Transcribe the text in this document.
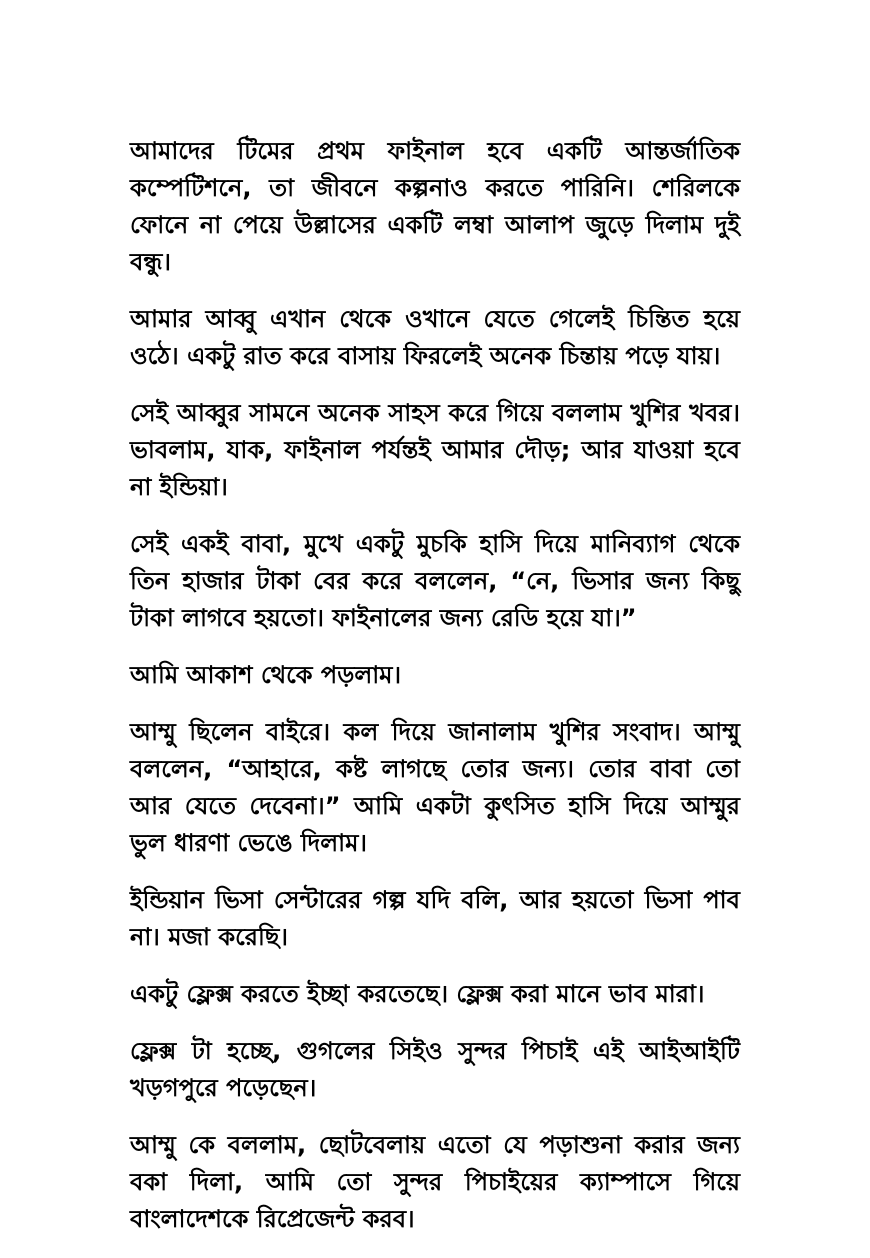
আমাদের টিমের প্রথম ফাইনাল হবে একটি আন্তর্জাতিক কম্পেটিশনে, তা জীবনে কল্পনাও করতে পারিনি। শেরিলকে ফোনে না পেয়ে উল্লাসের একটি লম্বা আলাপ জুড়ে দিলাম দুই বন্ধু।

আমার আব্বু এখান থেকে ওখানে যেতে গেলেই চিন্তিত হয়ে ওঠে। একটু রাত করে বাসায় ফিরলেই অনেক চিন্তায় পড়ে যায়।

সেই আব্বুর সামনে অনেক সাহস করে গিয়ে বললাম খুশির খবর। ভাবলাম, যাক, ফাইনাল পর্যন্তই আমার দৌড়; আর যাওয়া হবে না ইন্ডিয়া।

সেই একই বাবা, মুখে একটু মুচকি হাসি দিয়ে মানিব্যাগ থেকে তিন হাজার টাকা বের করে বললেন, “নে, ভিসার জন্য কিছু টাকা লাগবে হয়তো। ফাইনালের জন্য রেডি হয়ে যা।”

আমি আকাশ থেকে পড়লাম।

আম্মু ছিলেন বাইরে। কল দিয়ে জানালাম খুশির সংবাদ। আম্মু বললেন, “আহারে, কষ্ট লাগছে তোর জন্য। তোর বাবা তো আর যেতে দেবেনা।” আমি একটা কুৎসিত হাসি দিয়ে আম্মুর ভুল ধারণা ভেঙে দিলাম।

ইন্ডিয়ান ভিসা সেন্টারের গল্প যদি বলি, আর হয়তো ভিসা পাব না। মজা করেছি।

একটু ফ্লেক্স করতে ইচ্ছা করতেছে। ফ্লেক্স করা মানে ভাব মারা।

ফ্লেক্স টা হচ্ছে, গুগলের সিইও সুন্দর পিচাই এই আইআইটি খড়গপুরে পড়েছেন।

আম্মু কে বললাম, ছোটবেলায় এতো যে পড়াশুনা করার জন্য বকা দিলা, আমি তো সুন্দর পিচাইয়ের ক্যাম্পাসে গিয়ে বাংলাদেশকে রিপ্রেজেন্ট করব।
